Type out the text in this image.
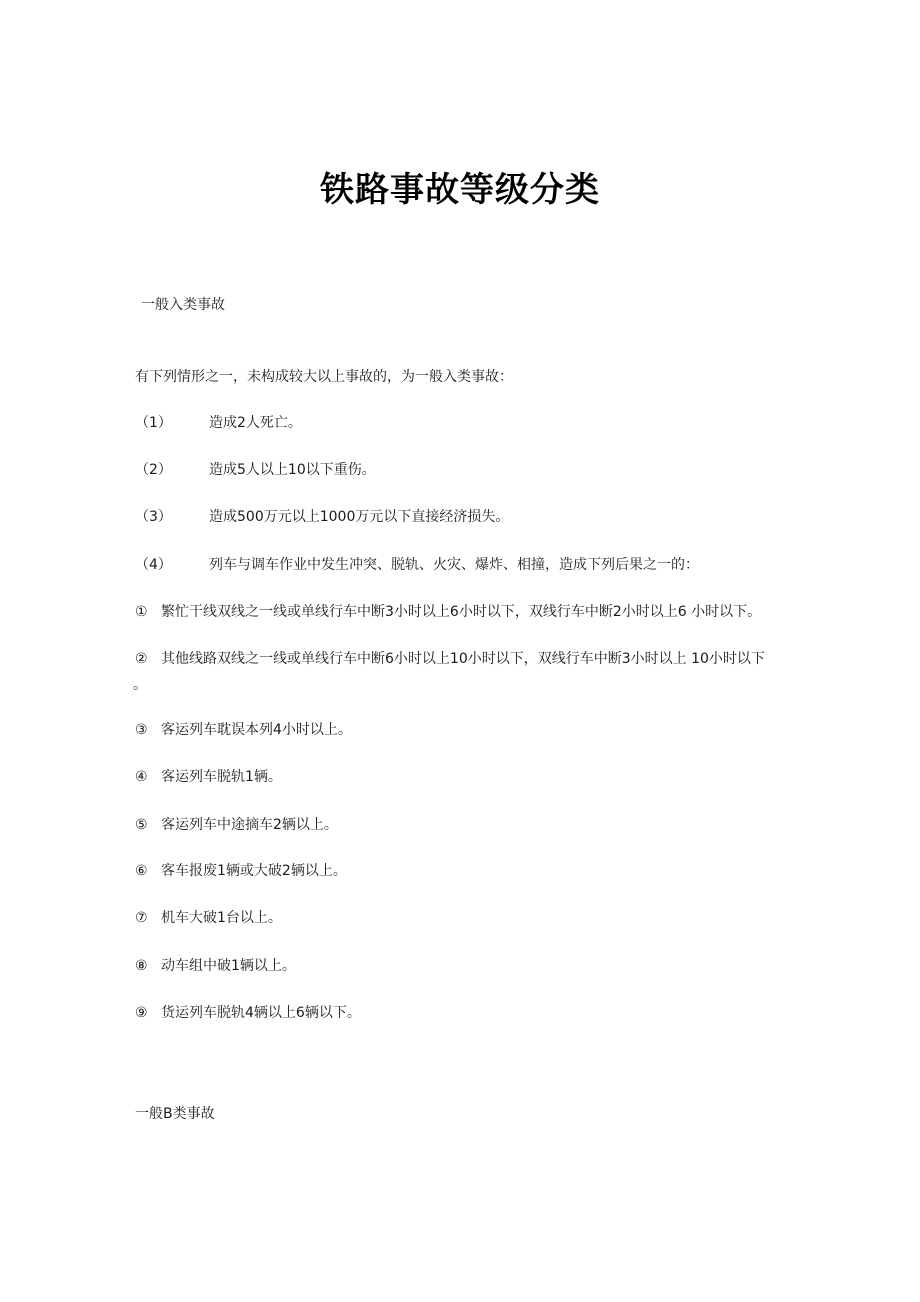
铁路事故等级分类
一般入类事故
有下列情形之一，未构成较大以上事故的，为一般入类事故：
（1）	造成2人死亡。
（2）	造成5人以上10以下重伤。
（3）	造成500万元以上1000万元以下直接经济损失。
（4）	列车与调车作业中发生冲突、脱轨、火灾、爆炸、相撞，造成下列后果之一的：
① 繁忙干线双线之一线或单线行车中断3小时以上6小时以下，双线行车中断2小时以上6 小时以下。
② 其他线路双线之一线或单线行车中断6小时以上10小时以下，双线行车中断3小时以上 10小时以下
。
③ 客运列车耽误本列4小时以上。
④ 客运列车脱轨1辆。
⑤ 客运列车中途摘车2辆以上。
⑥ 客车报废1辆或大破2辆以上。
⑦ 机车大破1台以上。
⑧ 动车组中破1辆以上。
⑨ 货运列车脱轨4辆以上6辆以下。
一般B类事故
